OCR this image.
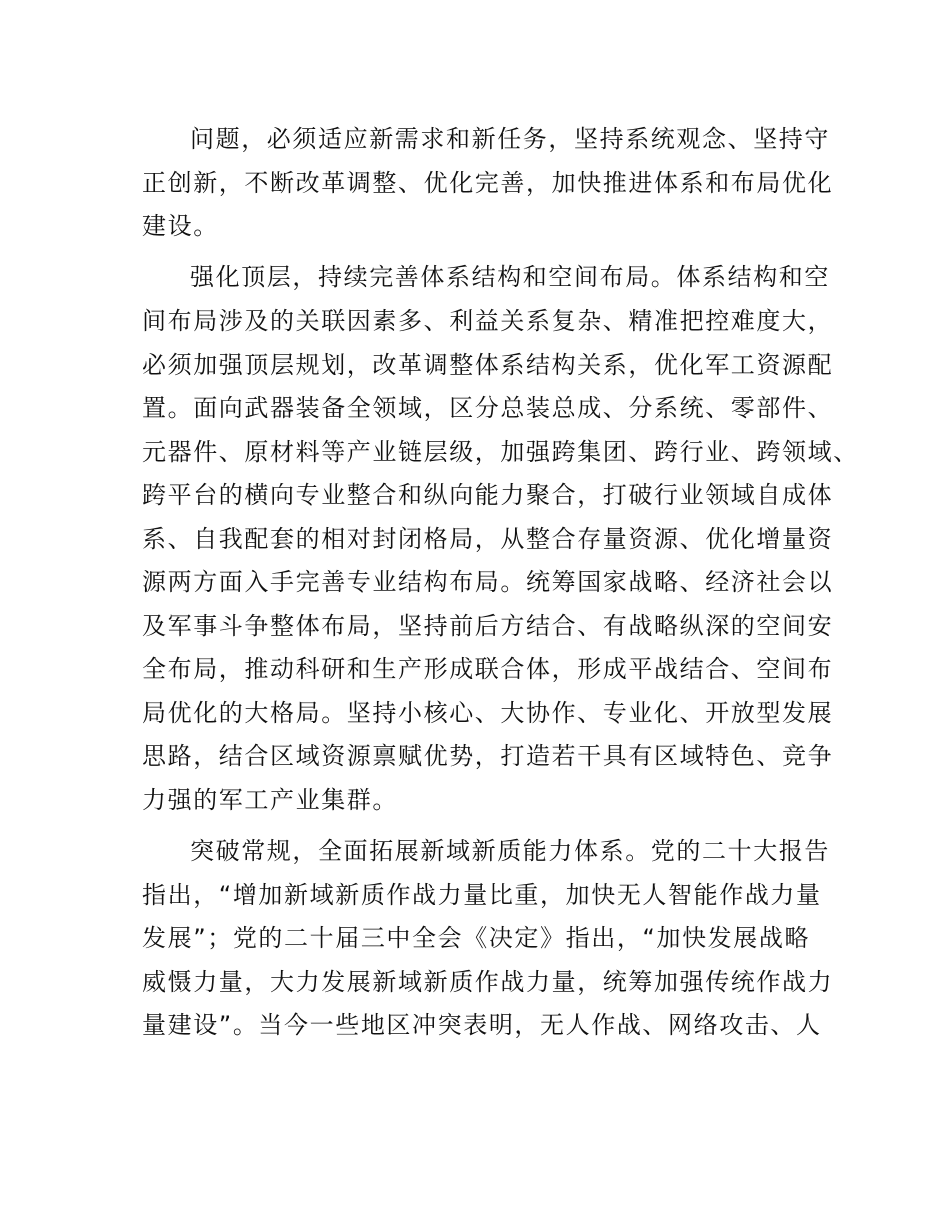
问题，必须适应新需求和新任务，坚持系统观念、坚持守
正创新，不断改革调整、优化完善，加快推进体系和布局优化
建设。
强化顶层，持续完善体系结构和空间布局。体系结构和空
间布局涉及的关联因素多、利益关系复杂、精准把控难度大，
必须加强顶层规划，改革调整体系结构关系，优化军工资源配
置。面向武器装备全领域，区分总装总成、分系统、零部件、
元器件、原材料等产业链层级，加强跨集团、跨行业、跨领域、
跨平台的横向专业整合和纵向能力聚合，打破行业领域自成体
系、自我配套的相对封闭格局，从整合存量资源、优化增量资
源两方面入手完善专业结构布局。统筹国家战略、经济社会以
及军事斗争整体布局，坚持前后方结合、有战略纵深的空间安
全布局，推动科研和生产形成联合体，形成平战结合、空间布
局优化的大格局。坚持小核心、大协作、专业化、开放型发展
思路，结合区域资源禀赋优势，打造若干具有区域特色、竞争
力强的军工产业集群。
突破常规，全面拓展新域新质能力体系。党的二十大报告
指出，“增加新域新质作战力量比重，加快无人智能作战力量
发展”；党的二十届三中全会《决定》指出，“加快发展战略
威慑力量，大力发展新域新质作战力量，统筹加强传统作战力
量建设”。当今一些地区冲突表明，无人作战、网络攻击、人
